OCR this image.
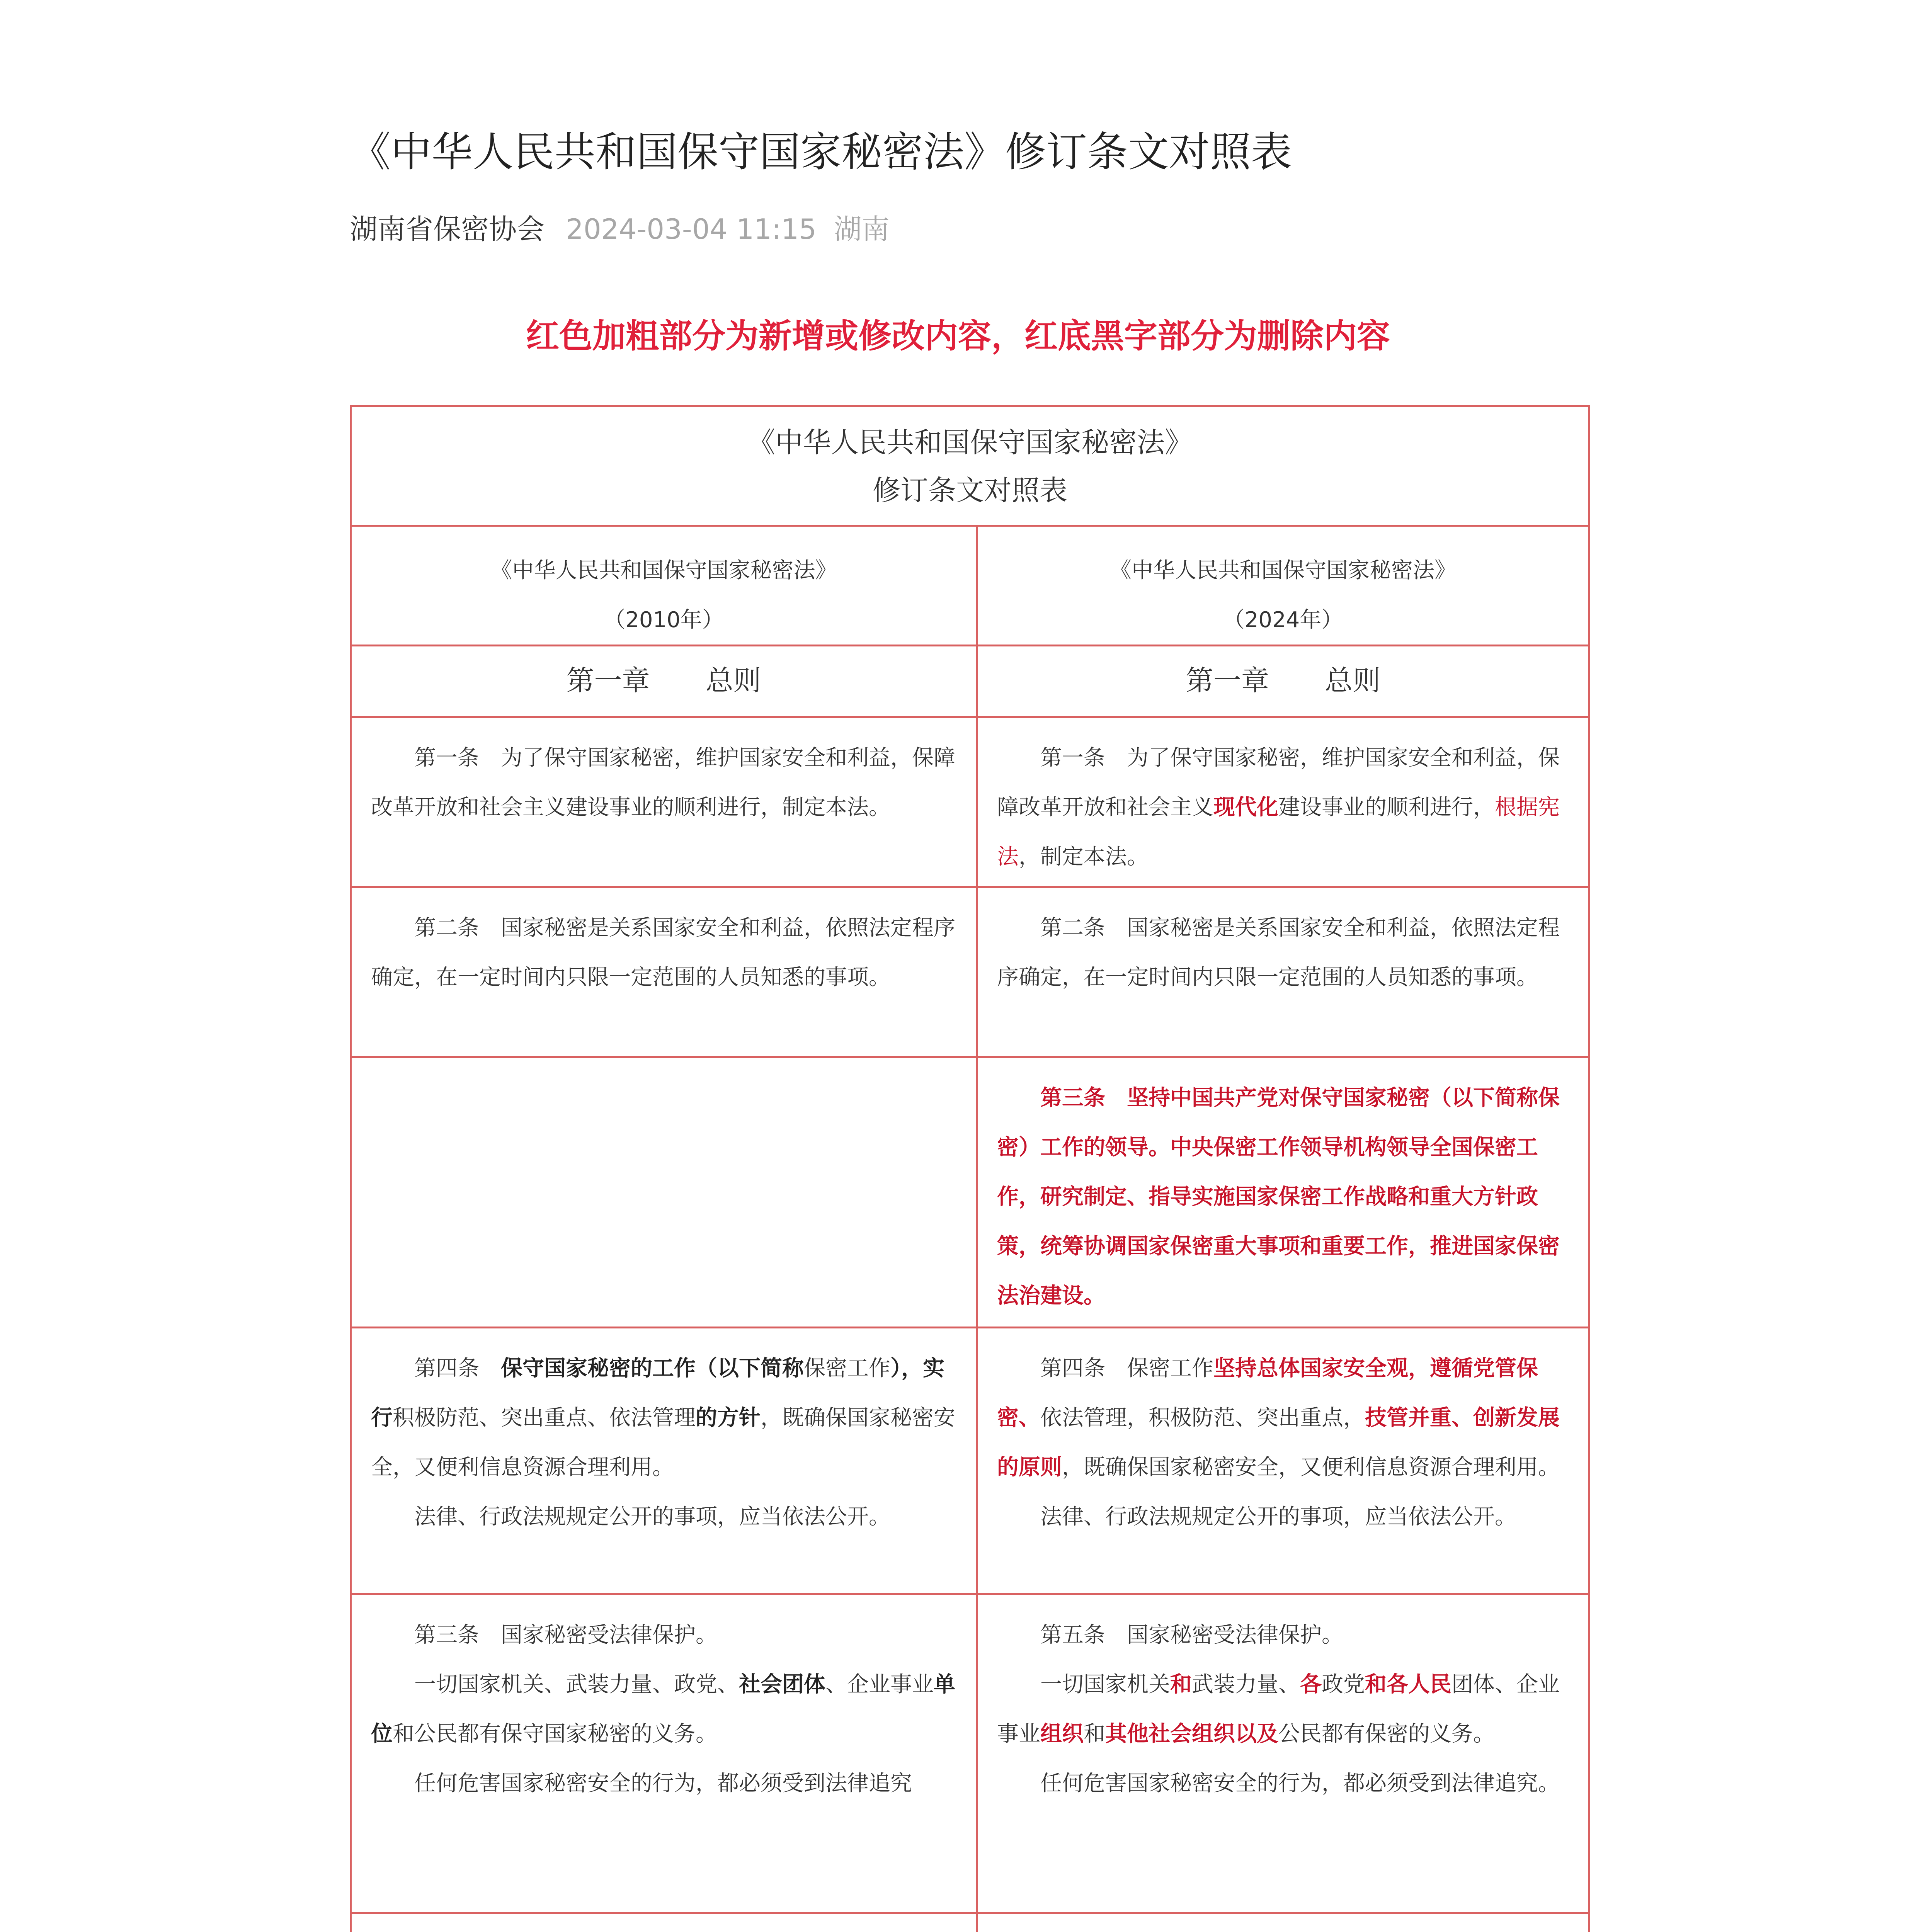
《中华人民共和国保守国家秘密法》修订条文对照表
湖南省保密协会 2024-03-04 11:15 湖南
红色加粗部分为新增或修改内容，红底黑字部分为删除内容
《中华人民共和国保守国家秘密法》
修订条文对照表
《中华人民共和国保守国家秘密法》
（2010年）
《中华人民共和国保守国家秘密法》
（2024年）
第一章　　总则	第一章　　总则

第一条　为了保守国家秘密，维护国家安全和利益，保障改革开放和社会主义建设事业的顺利进行，制定本法。

第一条　为了保守国家秘密，维护国家安全和利益，保障改革开放和社会主义现代化建设事业的顺利进行，根据宪法，制定本法。

第二条　国家秘密是关系国家安全和利益，依照法定程序确定，在一定时间内只限一定范围的人员知悉的事项。

第二条　国家秘密是关系国家安全和利益，依照法定程序确定，在一定时间内只限一定范围的人员知悉的事项。

第三条　坚持中国共产党对保守国家秘密（以下简称保密）工作的领导。中央保密工作领导机构领导全国保密工作，研究制定、指导实施国家保密工作战略和重大方针政策，统筹协调国家保密重大事项和重要工作，推进国家保密法治建设。

第四条　保守国家秘密的工作（以下简称保密工作），实行积极防范、突出重点、依法管理的方针，既确保国家秘密安全，又便利信息资源合理利用。

法律、行政法规规定公开的事项，应当依法公开。

第四条　保密工作坚持总体国家安全观，遵循党管保密、依法管理，积极防范、突出重点，技管并重、创新发展的原则，既确保国家秘密安全，又便利信息资源合理利用。

法律、行政法规规定公开的事项，应当依法公开。

第三条　国家秘密受法律保护。

一切国家机关、武装力量、政党、社会团体、企业事业单位和公民都有保守国家秘密的义务。

任何危害国家秘密安全的行为，都必须受到法律追究

第五条　国家秘密受法律保护。

一切国家机关和武装力量、各政党和各人民团体、企业事业组织和其他社会组织以及公民都有保密的义务。

任何危害国家秘密安全的行为，都必须受到法律追究。
